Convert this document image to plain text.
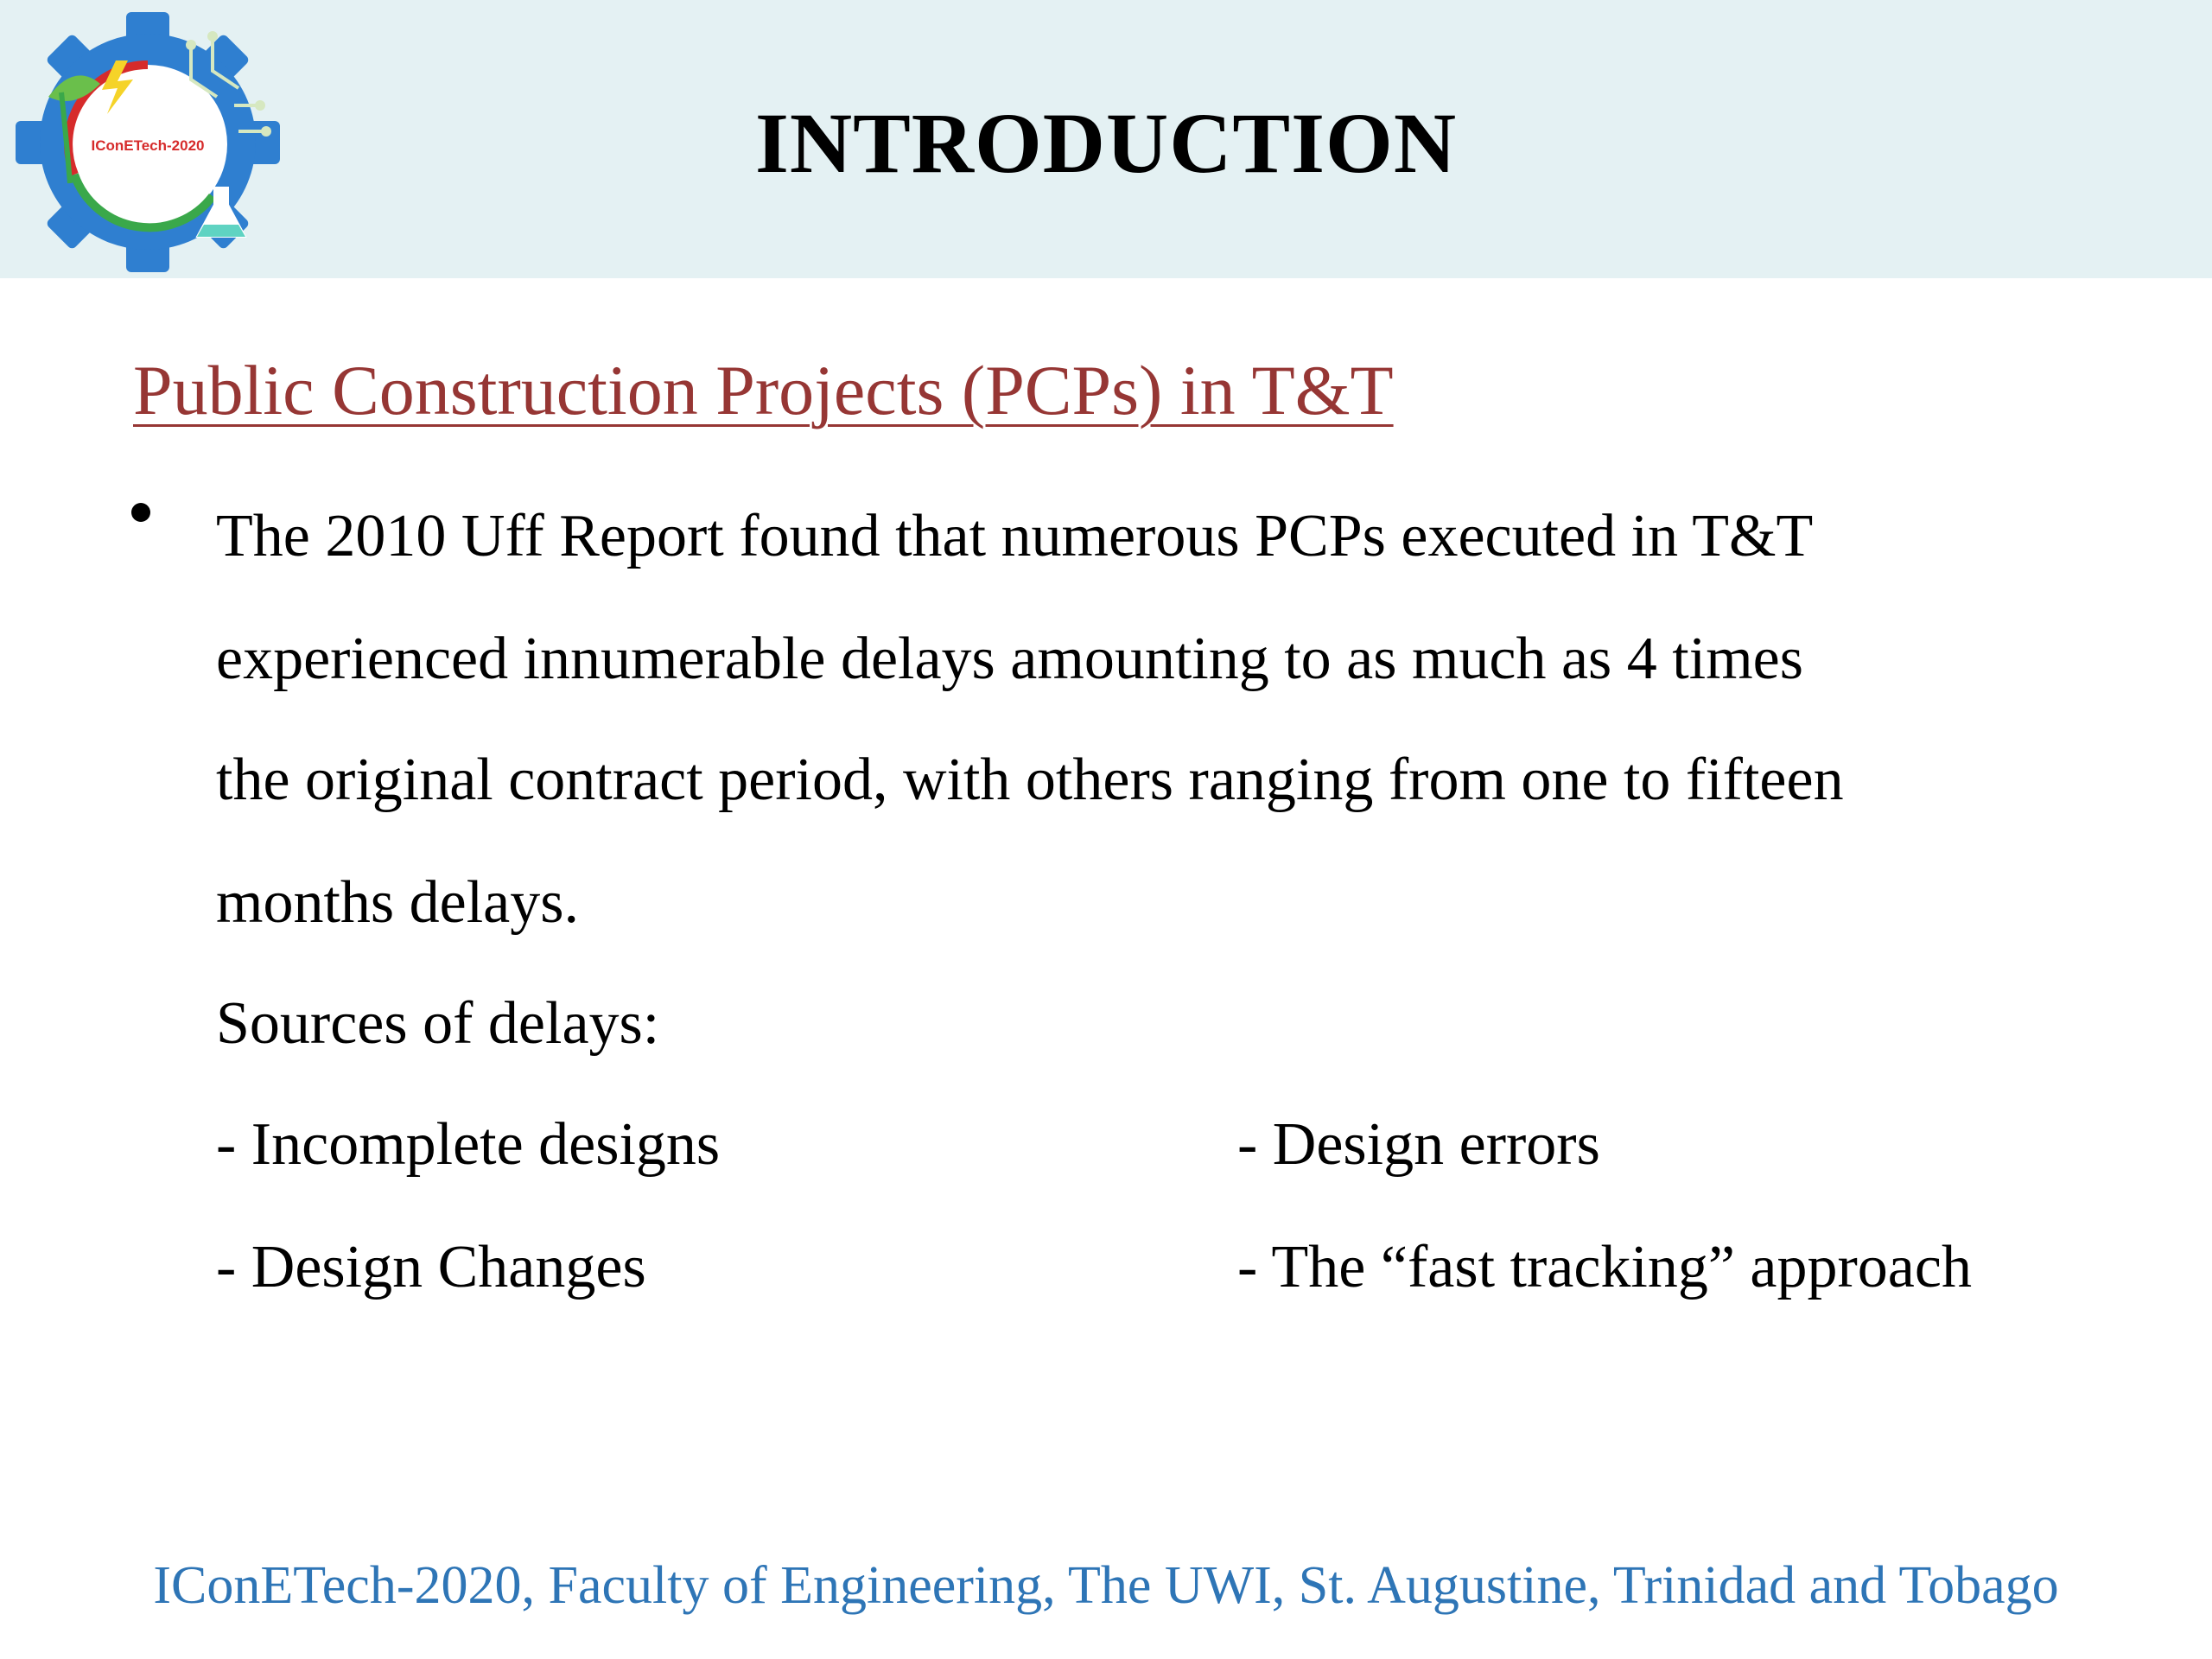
IConETech-2020	INTRODUCTION
Public Construction Projects (PCPs) in T&T
The 2010 Uff Report found that numerous PCPs executed in T&T
experienced innumerable delays amounting to as much as 4 times
the original contract period, with others ranging from one to fifteen
months delays.
Sources of delays:
- Incomplete designs	- Design errors
- Design Changes	- The “fast tracking” approach
IConETech-2020, Faculty of Engineering, The UWI, St. Augustine, Trinidad and Tobago
